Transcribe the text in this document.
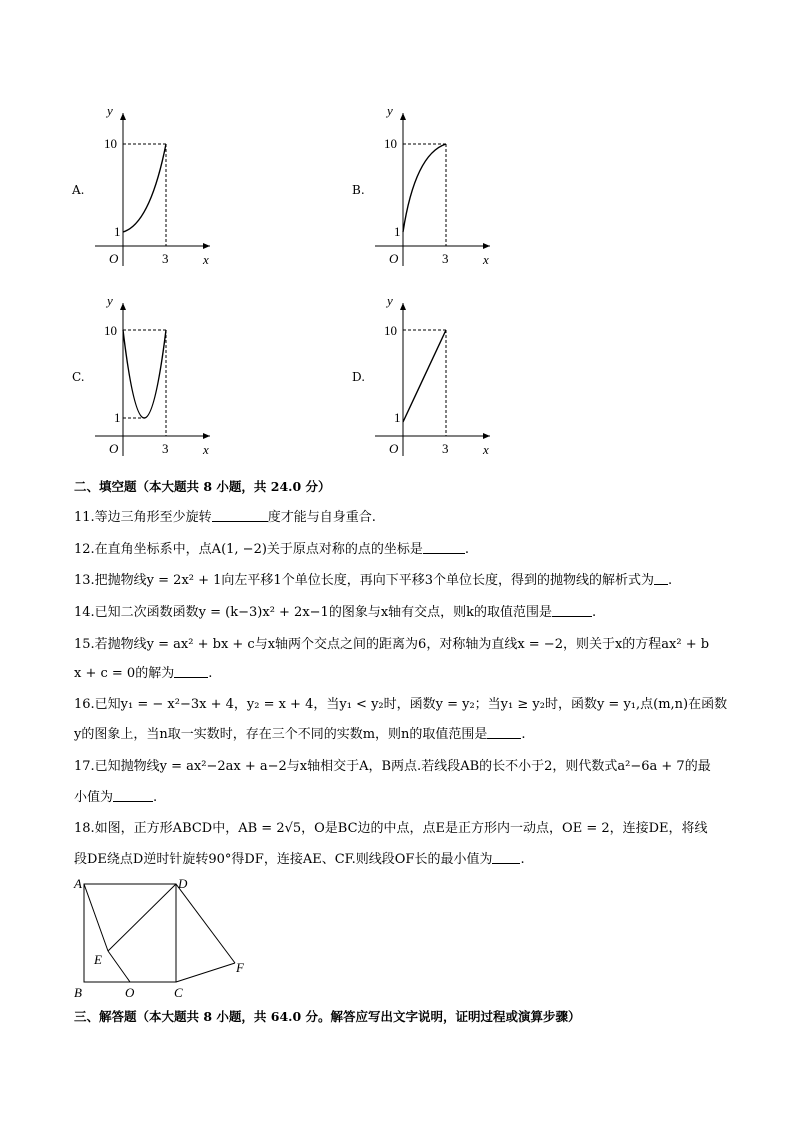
A.
y
x
O
10
1
3
B.
y
x
O
10
1
3
C.
y
x
O
10
1
3
D.
y
x
O
10
1
3
二、填空题（本大题共 8 小题，共 24.0 分）
11.等边三角形至少旋转	度才能与自身重合.
12.在直角坐标系中，点A(1, −2)关于原点对称的点的坐标是	.
13.把抛物线y = 2x² + 1向左平移1个单位长度，再向下平移3个单位长度，得到的抛物线的解析式为 .
14.已知二次函数函数y = (k−3)x² + 2x−1的图象与x轴有交点，则k的取值范围是	.
15.若抛物线y = ax² + bx + c与x轴两个交点之间的距离为6，对称轴为直线x = −2，则关于x的方程ax² + b
x + c = 0的解为	.
16.已知y₁ = − x²−3x + 4，y₂ = x + 4，当y₁ < y₂时，函数y = y₂；当y₁ ≥ y₂时，函数y = y₁,点(m,n)在函数
y的图象上，当n取一实数时，存在三个不同的实数m，则n的取值范围是	.
17.已知抛物线y = ax²−2ax + a−2与x轴相交于A，B两点.若线段AB的长不小于2，则代数式a²−6a + 7的最
小值为	.
18.如图，正方形ABCD中，AB = 2√5，O是BC边的中点，点E是正方形内一动点，OE = 2，连接DE，将线
段DE绕点D逆时针旋转90°得DF，连接AE、CF.则线段OF长的最小值为 .
A	D
B	C
O
E
F
三、解答题（本大题共 8 小题，共 64.0 分。解答应写出文字说明，证明过程或演算步骤）
